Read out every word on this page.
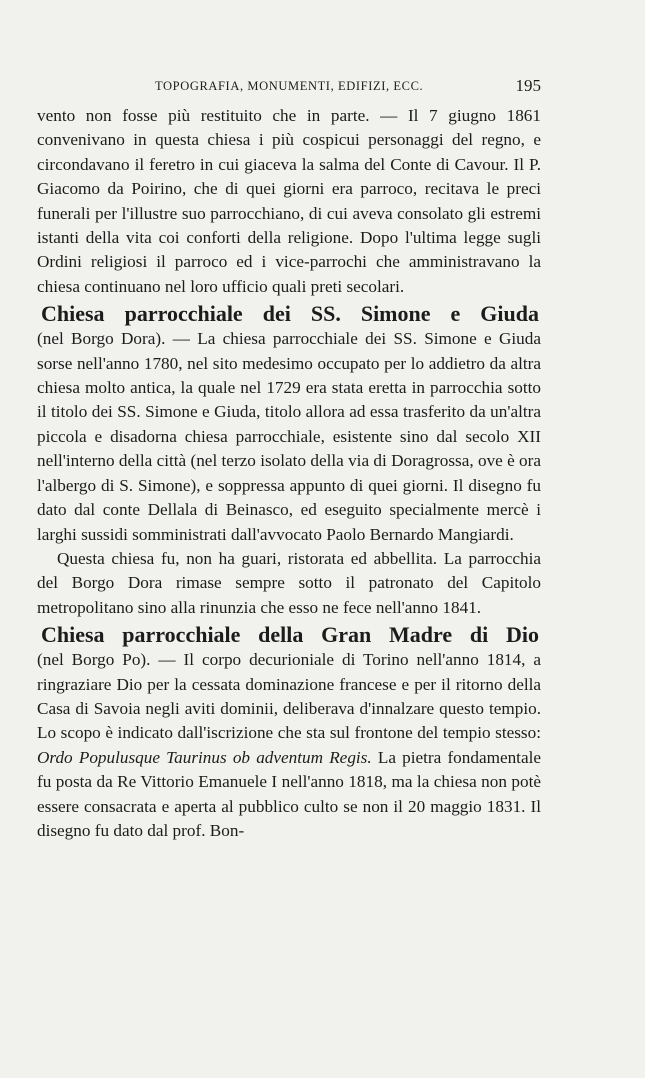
TOPOGRAFIA, MONUMENTI, EDIFIZI, ECC.	195

vento non fosse più restituito che in parte. — Il 7 giugno 1861 convenivano in questa chiesa i più cospicui personaggi del regno, e circondavano il feretro in cui giaceva la salma del Conte di Cavour. Il P. Giacomo da Poirino, che di quei giorni era parroco, recitava le preci funerali per l'illustre suo parrocchiano, di cui aveva consolato gli estremi istanti della vita coi conforti della religione. Dopo l'ultima legge sugli Ordini religiosi il parroco ed i vice-parrochi che amministravano la chiesa continuano nel loro ufficio quali preti secolari.

Chiesa parrocchiale dei SS. Simone e Giuda

(nel Borgo Dora). — La chiesa parrocchiale dei SS. Simone e Giuda sorse nell'anno 1780, nel sito medesimo occupato per lo addietro da altra chiesa molto antica, la quale nel 1729 era stata eretta in parrocchia sotto il titolo dei SS. Simone e Giuda, titolo allora ad essa trasferito da un'altra piccola e disadorna chiesa parrocchiale, esistente sino dal secolo XII nell'interno della città (nel terzo isolato della via di Doragrossa, ove è ora l'albergo di S. Simone), e soppressa appunto di quei giorni. Il disegno fu dato dal conte Dellala di Beinasco, ed eseguito specialmente mercè i larghi sussidi somministrati dall'avvocato Paolo Bernardo Mangiardi.

Questa chiesa fu, non ha guari, ristorata ed abbellita. La parrocchia del Borgo Dora rimase sempre sotto il patronato del Capitolo metropolitano sino alla rinunzia che esso ne fece nell'anno 1841.

Chiesa parrocchiale della Gran Madre di Dio

(nel Borgo Po). — Il corpo decurioniale di Torino nell'anno 1814, a ringraziare Dio per la cessata dominazione francese e per il ritorno della Casa di Savoia negli aviti dominii, deliberava d'innalzare questo tempio. Lo scopo è indicato dall'iscrizione che sta sul frontone del tempio stesso: Ordo Populusque Taurinus ob adventum Regis. La pietra fondamentale fu posta da Re Vittorio Emanuele I nell'anno 1818, ma la chiesa non potè essere consacrata e aperta al pubblico culto se non il 20 maggio 1831. Il disegno fu dato dal prof. Bon-
